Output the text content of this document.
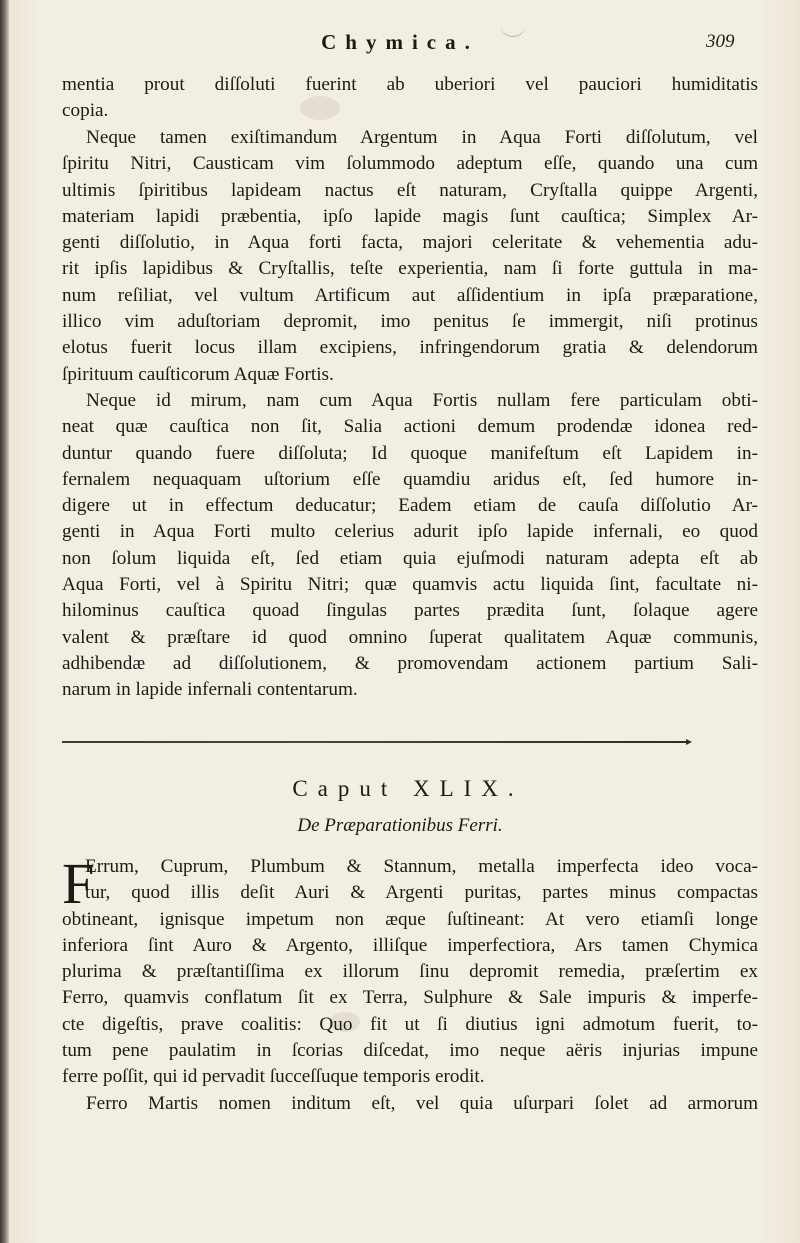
Chymica.	309
mentia prout diſſoluti fuerint ab uberiori vel pauciori humiditatis
copia.
Neque tamen exiſtimandum Argentum in Aqua Forti diſſolutum, vel
ſpiritu Nitri, Causticam vim ſolummodo adeptum eſſe, quando una cum
ultimis ſpiritibus lapideam nactus eſt naturam, Cryſtalla quippe Argenti,
materiam lapidi præbentia, ipſo lapide magis ſunt cauſtica; Simplex Ar-
genti diſſolutio, in Aqua forti facta, majori celeritate & vehementia adu-
rit ipſis lapidibus & Cryſtallis, teſte experientia, nam ſi forte guttula in ma-
num reſiliat, vel vultum Artificum aut aſſidentium in ipſa præparatione,
illico vim aduſtoriam depromit, imo penitus ſe immergit, niſi protinus
elotus fuerit locus illam excipiens, infringendorum gratia & delendorum
ſpirituum cauſticorum Aquæ Fortis.
Neque id mirum, nam cum Aqua Fortis nullam fere particulam obti-
neat quæ cauſtica non ſit, Salia actioni demum prodendæ idonea red-
duntur quando fuere diſſoluta; Id quoque manifeſtum eſt Lapidem in-
fernalem nequaquam uſtorium eſſe quamdiu aridus eſt, ſed humore in-
digere ut in effectum deducatur; Eadem etiam de cauſa diſſolutio Ar-
genti in Aqua Forti multo celerius adurit ipſo lapide infernali, eo quod
non ſolum liquida eſt, ſed etiam quia ejuſmodi naturam adepta eſt ab
Aqua Forti, vel à Spiritu Nitri; quæ quamvis actu liquida ſint, facultate ni-
hilominus cauſtica quoad ſingulas partes prædita ſunt, ſolaque agere
valent & præſtare id quod omnino ſuperat qualitatem Aquæ communis,
adhibendæ ad diſſolutionem, & promovendam actionem partium Sali-
narum in lapide infernali contentarum.
Caput XLIX.
De Præparationibus Ferri.
F
Errum, Cuprum, Plumbum & Stannum, metalla imperfecta ideo voca-
tur, quod illis deſit Auri & Argenti puritas, partes minus compactas
obtineant, ignisque impetum non æque ſuſtineant: At vero etiamſi longe
inferiora ſint Auro & Argento, illiſque imperfectiora, Ars tamen Chymica
plurima & præſtantiſſima ex illorum ſinu depromit remedia, præſertim ex
Ferro, quamvis conflatum ſit ex Terra, Sulphure & Sale impuris & imperfe-
cte digeſtis, prave coalitis: Quo fit ut ſi diutius igni admotum fuerit, to-
tum pene paulatim in ſcorias diſcedat, imo neque aëris injurias impune
ferre poſſit, qui id pervadit ſucceſſuque temporis erodit.
Ferro Martis nomen inditum eſt, vel quia uſurpari ſolet ad armorum
